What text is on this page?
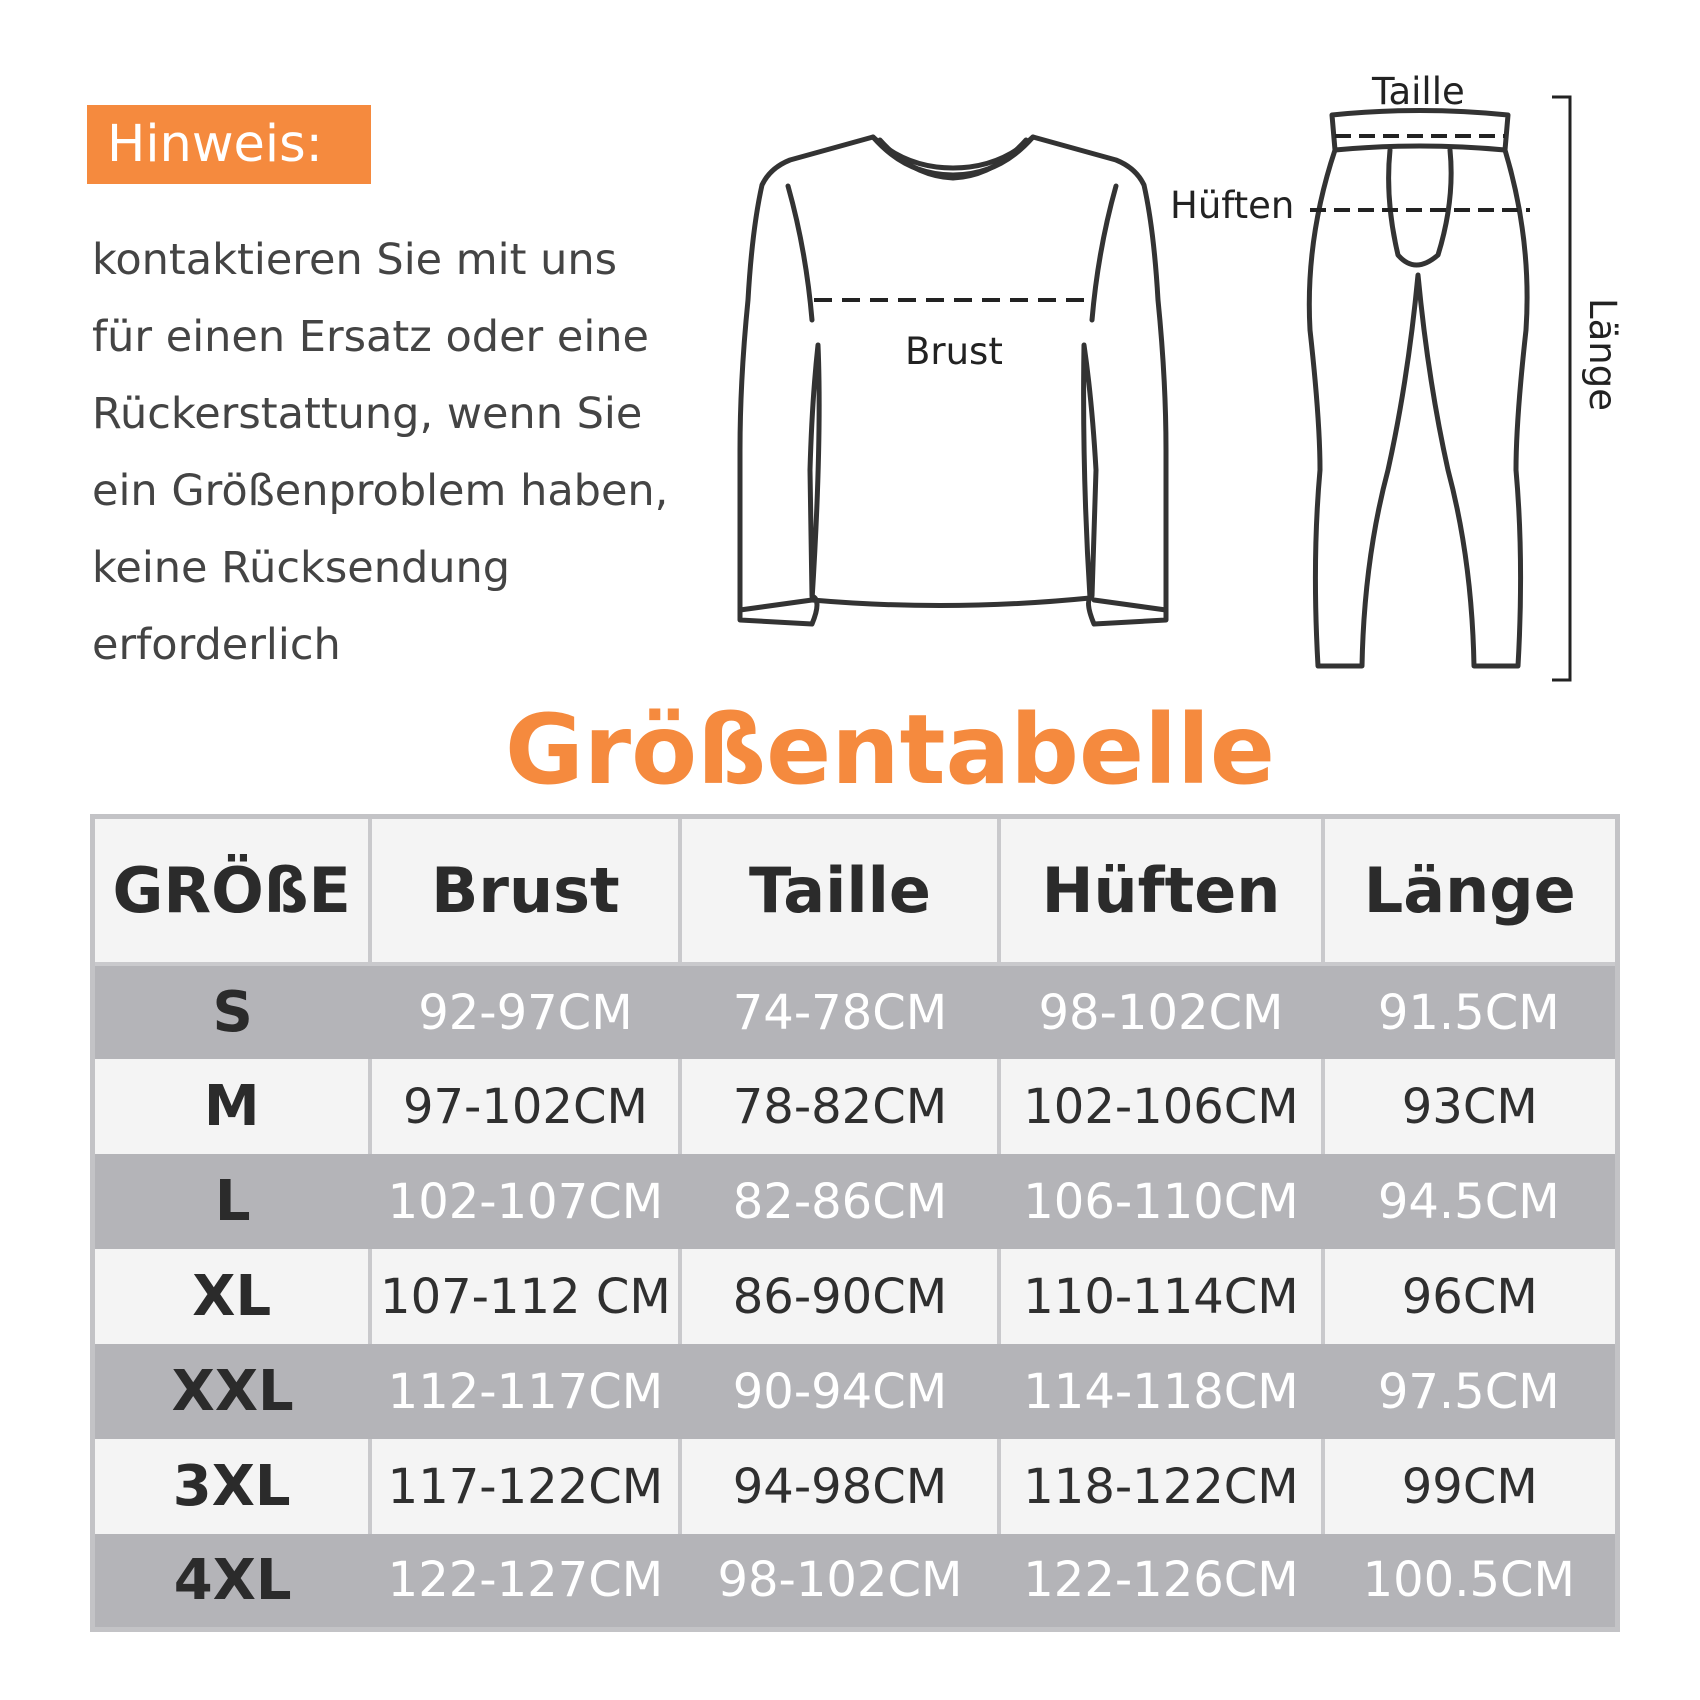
Hinweis:
kontaktieren Sie mit uns
für einen Ersatz oder eine
Rückerstattung, wenn Sie
ein Größenproblem haben,
keine Rücksendung
erforderlich
Brust
Taille
Hüften
Länge
Größentabelle
GRÖßE	Brust	Taille	Hüften	Länge
S	92-97CM	74-78CM	98-102CM	91.5CM
M	97-102CM	78-82CM	102-106CM	93CM
L	102-107CM	82-86CM	106-110CM	94.5CM
XL	107-112 CM	86-90CM	110-114CM	96CM
XXL	112-117CM	90-94CM	114-118CM	97.5CM
3XL	117-122CM	94-98CM	118-122CM	99CM
4XL	122-127CM	98-102CM	122-126CM	100.5CM
